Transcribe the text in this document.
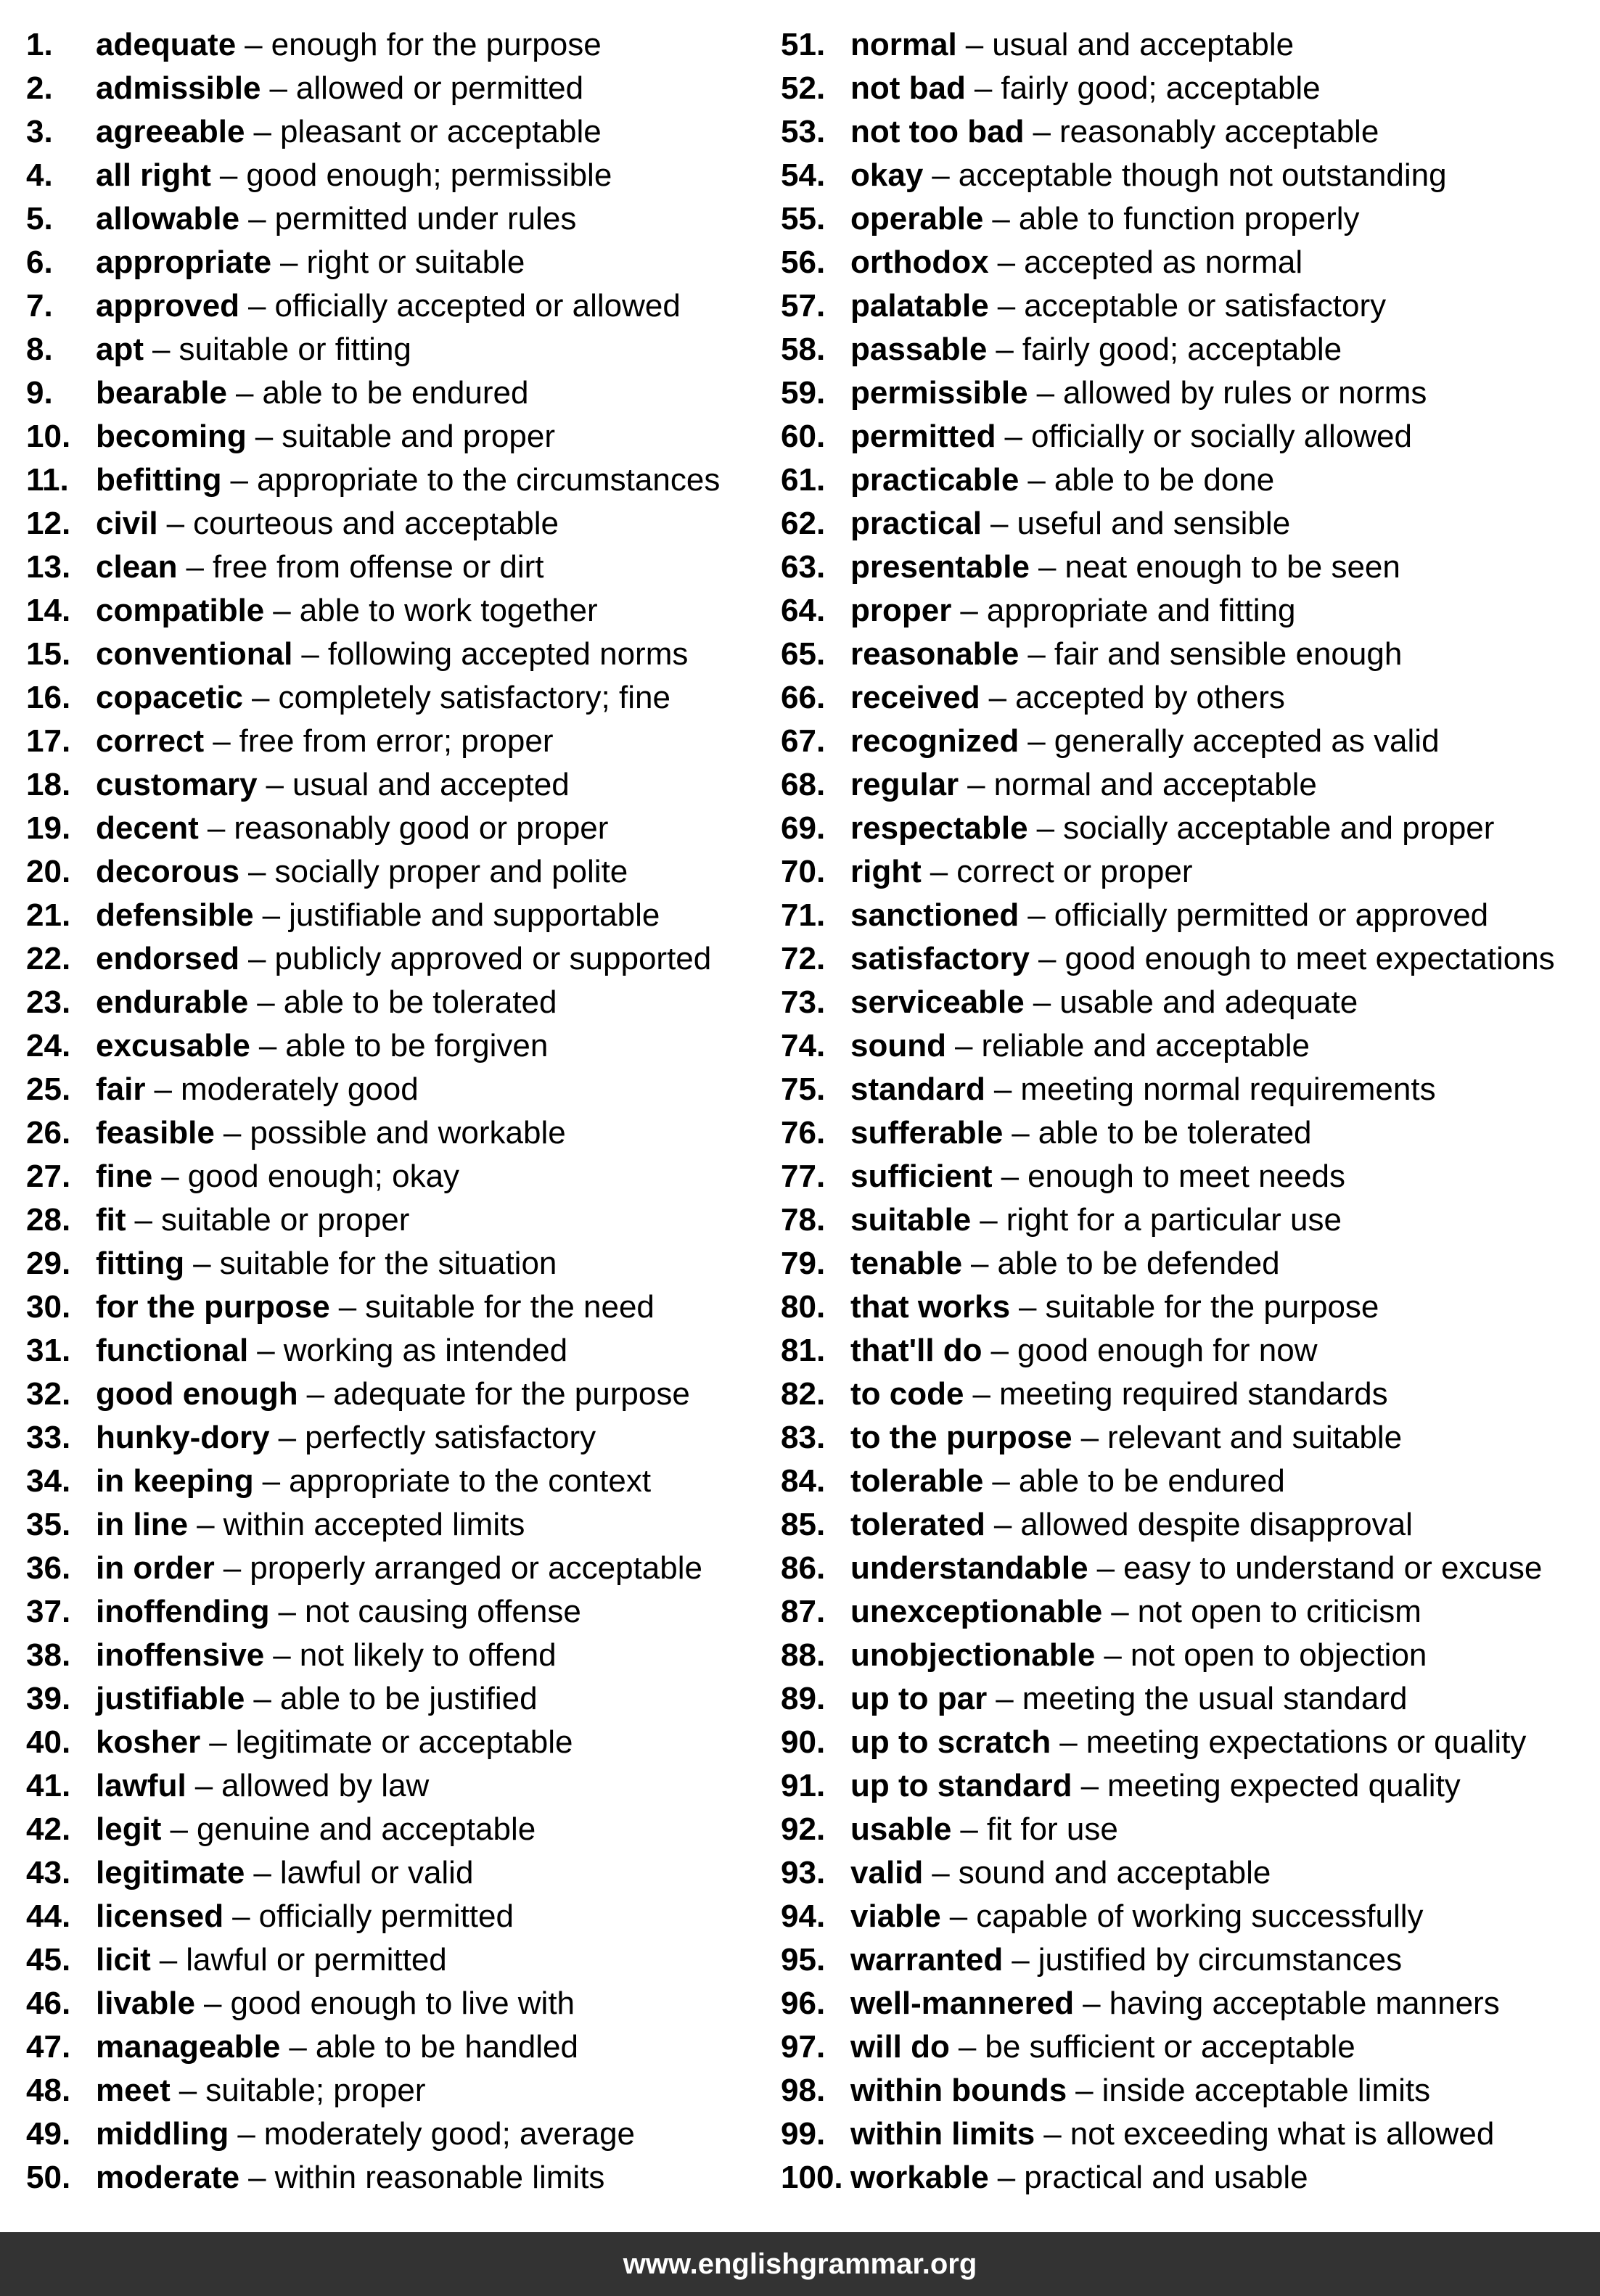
1.	adequate – enough for the purpose
2.	admissible – allowed or permitted
3.	agreeable – pleasant or acceptable
4.	all right – good enough; permissible
5.	allowable – permitted under rules
6.	appropriate – right or suitable
7.	approved – officially accepted or allowed
8.	apt – suitable or fitting
9.	bearable – able to be endured
10. becoming – suitable and proper
11. befitting – appropriate to the circumstances
12. civil – courteous and acceptable
13. clean – free from offense or dirt
14. compatible – able to work together
15. conventional – following accepted norms
16. copacetic – completely satisfactory; fine
17. correct – free from error; proper
18. customary – usual and accepted
19. decent – reasonably good or proper
20. decorous – socially proper and polite
21. defensible – justifiable and supportable
22. endorsed – publicly approved or supported
23. endurable – able to be tolerated
24. excusable – able to be forgiven
25. fair – moderately good
26. feasible – possible and workable
27. fine – good enough; okay
28. fit – suitable or proper
29. fitting – suitable for the situation
30. for the purpose – suitable for the need
31. functional – working as intended
32. good enough – adequate for the purpose
33. hunky-dory – perfectly satisfactory
34. in keeping – appropriate to the context
35. in line – within accepted limits
36. in order – properly arranged or acceptable
37. inoffending – not causing offense
38. inoffensive – not likely to offend
39. justifiable – able to be justified
40. kosher – legitimate or acceptable
41. lawful – allowed by law
42. legit – genuine and acceptable
43. legitimate – lawful or valid
44. licensed – officially permitted
45. licit – lawful or permitted
46. livable – good enough to live with
47. manageable – able to be handled
48. meet – suitable; proper
49. middling – moderately good; average
50. moderate – within reasonable limits
51. normal – usual and acceptable
52. not bad – fairly good; acceptable
53. not too bad – reasonably acceptable
54. okay – acceptable though not outstanding
55. operable – able to function properly
56. orthodox – accepted as normal
57. palatable – acceptable or satisfactory
58. passable – fairly good; acceptable
59. permissible – allowed by rules or norms
60. permitted – officially or socially allowed
61. practicable – able to be done
62. practical – useful and sensible
63. presentable – neat enough to be seen
64. proper – appropriate and fitting
65. reasonable – fair and sensible enough
66. received – accepted by others
67. recognized – generally accepted as valid
68. regular – normal and acceptable
69. respectable – socially acceptable and proper
70. right – correct or proper
71. sanctioned – officially permitted or approved
72. satisfactory – good enough to meet expectations
73. serviceable – usable and adequate
74. sound – reliable and acceptable
75. standard – meeting normal requirements
76. sufferable – able to be tolerated
77. sufficient – enough to meet needs
78. suitable – right for a particular use
79. tenable – able to be defended
80. that works – suitable for the purpose
81. that'll do – good enough for now
82. to code – meeting required standards
83. to the purpose – relevant and suitable
84. tolerable – able to be endured
85. tolerated – allowed despite disapproval
86. understandable – easy to understand or excuse
87. unexceptionable – not open to criticism
88. unobjectionable – not open to objection
89. up to par – meeting the usual standard
90. up to scratch – meeting expectations or quality
91. up to standard – meeting expected quality
92. usable – fit for use
93. valid – sound and acceptable
94. viable – capable of working successfully
95. warranted – justified by circumstances
96. well-mannered – having acceptable manners
97. will do – be sufficient or acceptable
98. within bounds – inside acceptable limits
99. within limits – not exceeding what is allowed
100. workable – practical and usable
www.englishgrammar.org
